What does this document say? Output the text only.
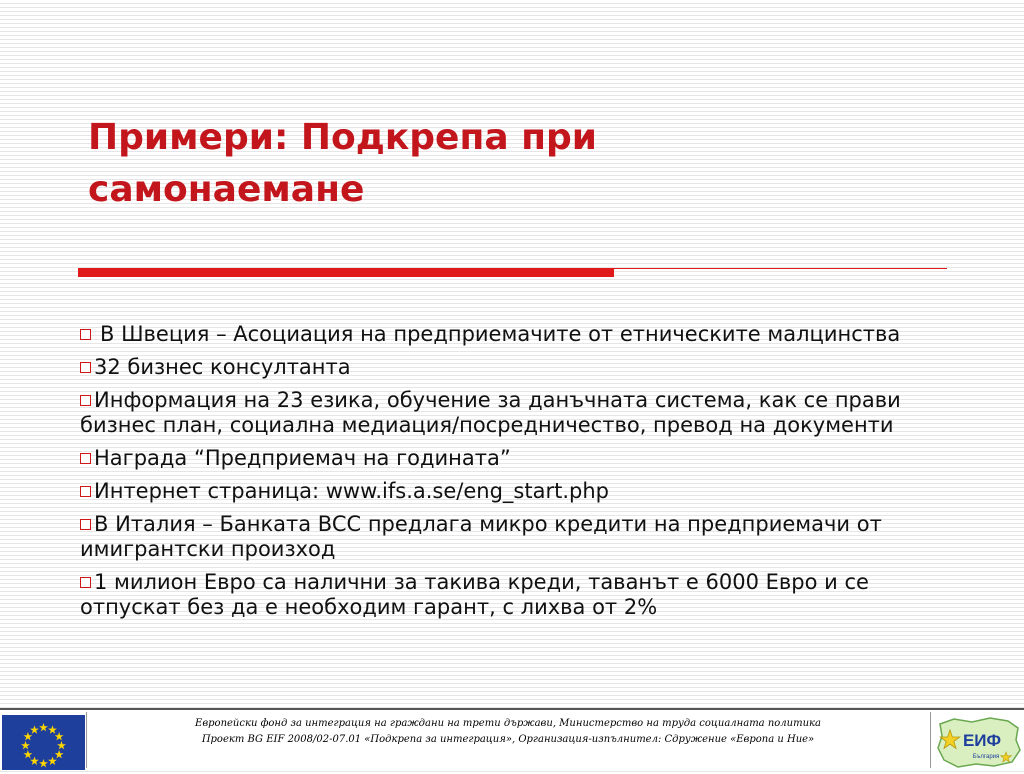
Примери: Подкрепа при
самонаемане
В Швеция – Асоциация на предприемачите от етническите малцинства
32 бизнес консултанта
Информация на 23 езика, обучение за данъчната система, как се прави бизнес план, социална медиация/посредничество, превод на документи
Награда “Предприемач на годината”
Интернет страница: www.ifs.a.se/eng_start.php
В Италия – Банката BCC предлага микро кредити на предприемачи от имигрантски произход
1 милион Евро са налични за такива креди, таванът е 6000 Евро и се отпускат без да е необходим гарант, с лихва от 2%
Европейски фонд за интеграция на граждани на трети държави, Министерство на труда социалната политика
Проект BG EIF 2008/02-07.01 «Подкрепа за интеграция», Организация-изпълнител: Сдружение «Европа и Ние»	ЕИФ
България
